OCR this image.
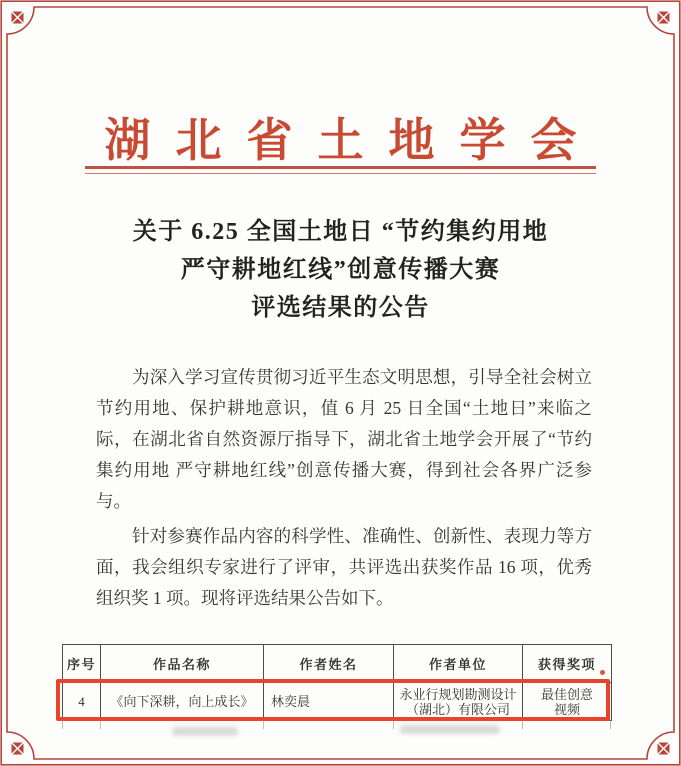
湖北省土地学会
关于 6.25 全国土地日 “节约集约用地
严守耕地红线”创意传播大赛
评选结果的公告
为深入学习宣传贯彻习近平生态文明思想，引导全社会树立
节约用地、保护耕地意识，值 6 月 25 日全国“土地日”来临之
际，在湖北省自然资源厅指导下，湖北省土地学会开展了“节约
集约用地 严守耕地红线”创意传播大赛，得到社会各界广泛参
与。
针对参赛作品内容的科学性、准确性、创新性、表现力等方
面，我会组织专家进行了评审，共评选出获奖作品 16 项，优秀
组织奖 1 项。现将评选结果公告如下。
序号	作品名称	作者姓名	作者单位	获得奖项
4	《向下深耕，向上成长》	林奕晨	永业行规划勘测设计（湖北）有限公司	最佳创意视频
